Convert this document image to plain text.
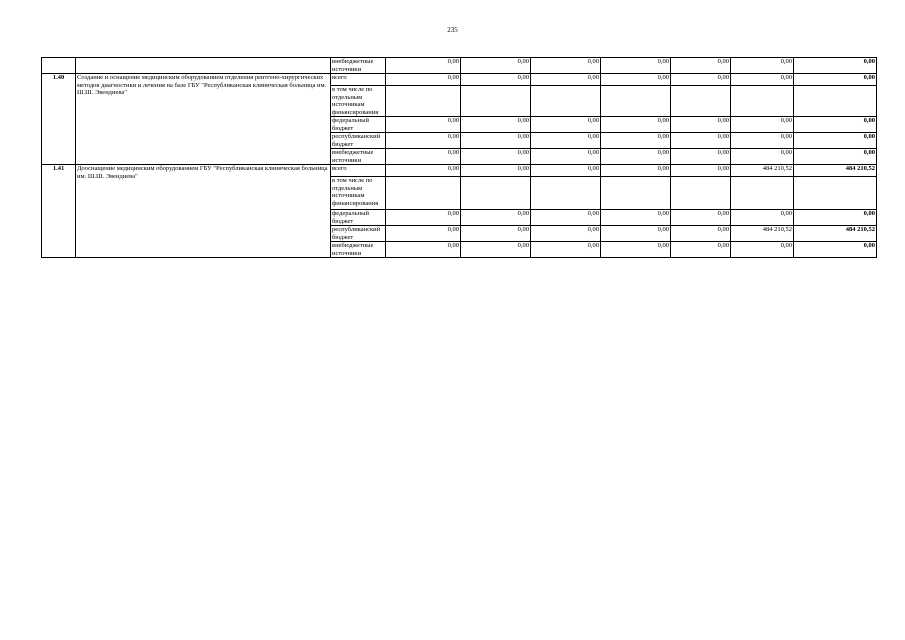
235
		внебюджетные источники	0,00	0,00	0,00	0,00	0,00	0,00	0,00
1.40	Создание и оснащение медицинским оборудованием отделения рентгено-хирургических методов диагностики и лечения на базе ГБУ "Республиканская клиническая больница им. Ш.Ш. Эвендиева"	всего	0,00	0,00	0,00	0,00	0,00	0,00	0,00
		в том числе по отдельным источникам финансирования							
		федеральный бюджет	0,00	0,00	0,00	0,00	0,00	0,00	0,00
		республиканский бюджет	0,00	0,00	0,00	0,00	0,00	0,00	0,00
		внебюджетные источники	0,00	0,00	0,00	0,00	0,00	0,00	0,00
1.41	Дооснащение медицинским оборудованием ГБУ "Республиканская клиническая больница им. Ш.Ш. Эвендиева"	всего	0,00	0,00	0,00	0,00	0,00	484 210,52	484 210,52
		в том числе по отдельным источникам финансирования							
		федеральный бюджет	0,00	0,00	0,00	0,00	0,00	0,00	0,00
		республиканский бюджет	0,00	0,00	0,00	0,00	0,00	484 210,52	484 210,52
		внебюджетные источники	0,00	0,00	0,00	0,00	0,00	0,00	0,00
